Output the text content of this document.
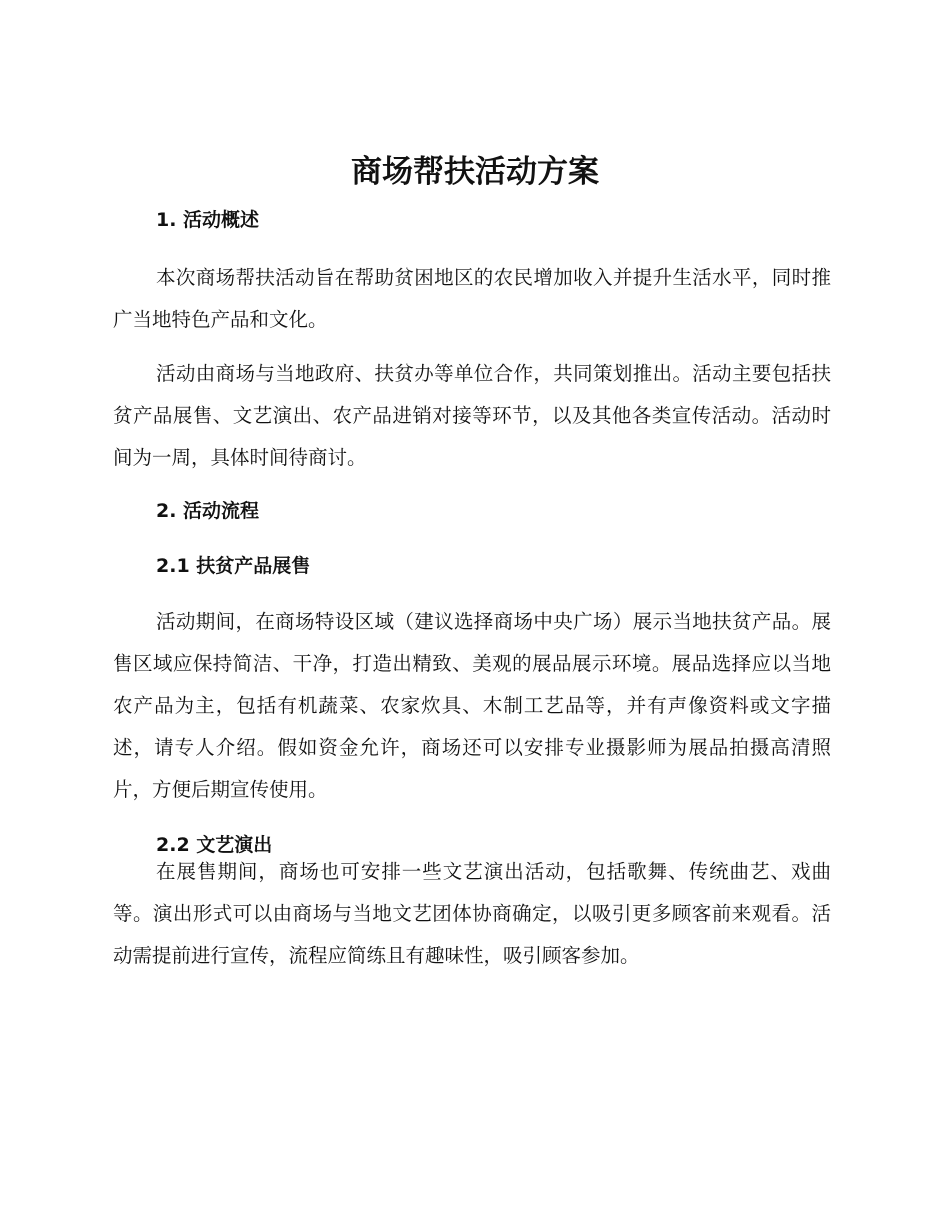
商场帮扶活动方案
1. 活动概述

本次商场帮扶活动旨在帮助贫困地区的农民增加收入并提升生活水平，同时推广当地特色产品和文化。

活动由商场与当地政府、扶贫办等单位合作，共同策划推出。活动主要包括扶贫产品展售、文艺演出、农产品进销对接等环节，以及其他各类宣传活动。活动时间为一周，具体时间待商讨。

2. 活动流程
2.1 扶贫产品展售

活动期间，在商场特设区域（建议选择商场中央广场）展示当地扶贫产品。展售区域应保持简洁、干净，打造出精致、美观的展品展示环境。展品选择应以当地农产品为主，包括有机蔬菜、农家炊具、木制工艺品等，并有声像资料或文字描述，请专人介绍。假如资金允许，商场还可以安排专业摄影师为展品拍摄高清照片，方便后期宣传使用。

2.2 文艺演出

在展售期间，商场也可安排一些文艺演出活动，包括歌舞、传统曲艺、戏曲等。演出形式可以由商场与当地文艺团体协商确定，以吸引更多顾客前来观看。活动需提前进行宣传，流程应简练且有趣味性，吸引顾客参加。
